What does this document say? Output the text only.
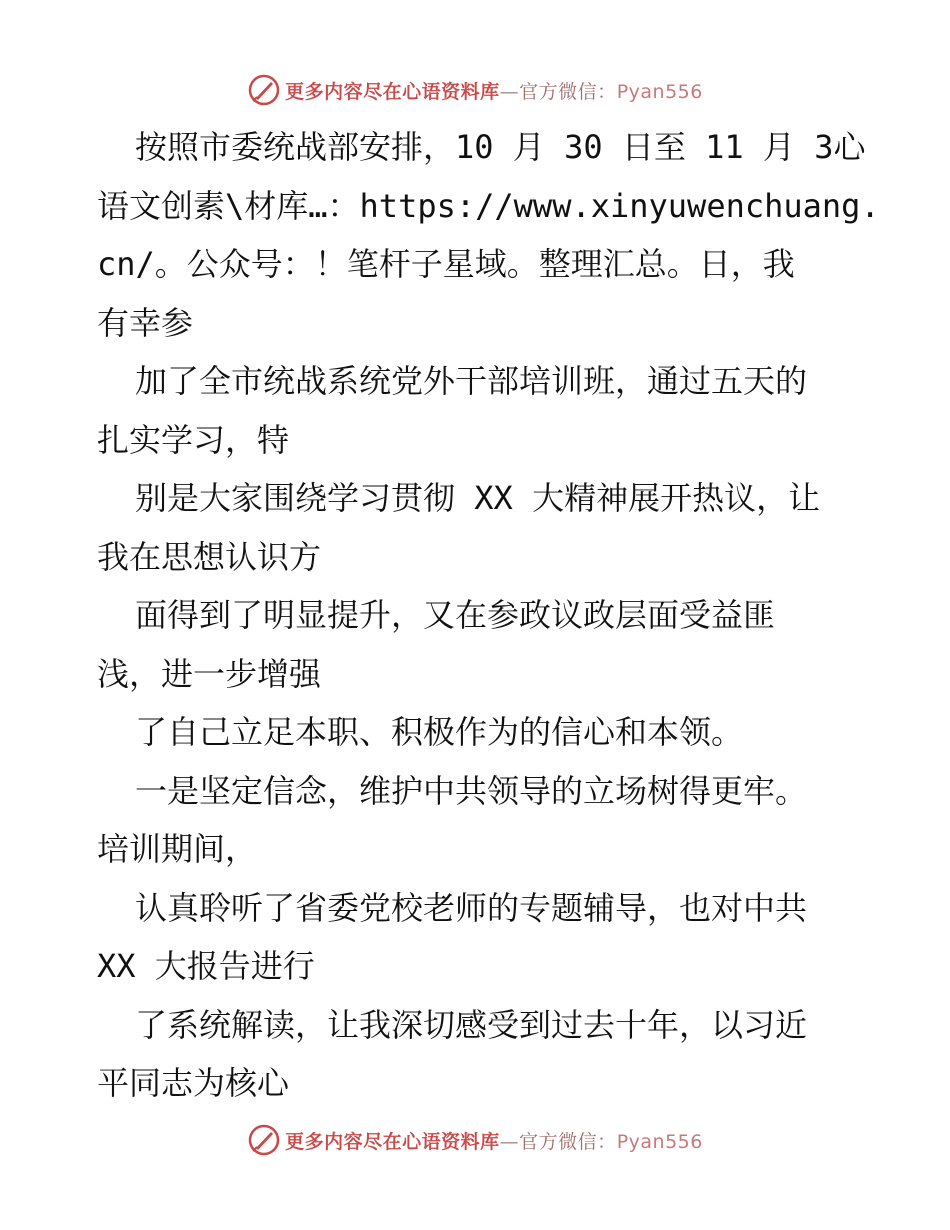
更多内容尽在心语资料库—官方微信：Pyan556
按照市委统战部安排，10 月 30 日至 11 月 3心
语文创素\材库…：https://www.xinyuwenchuang.
cn/。公众号：！笔杆子星域。整理汇总。日，我
有幸参
加了全市统战系统党外干部培训班，通过五天的
扎实学习，特
别是大家围绕学习贯彻 XX 大精神展开热议，让
我在思想认识方
面得到了明显提升，又在参政议政层面受益匪
浅，进一步增强
了自己立足本职、积极作为的信心和本领。
一是坚定信念，维护中共领导的立场树得更牢。
培训期间，
认真聆听了省委党校老师的专题辅导，也对中共
XX 大报告进行
了系统解读，让我深切感受到过去十年，以习近
平同志为核心
更多内容尽在心语资料库—官方微信：Pyan556
